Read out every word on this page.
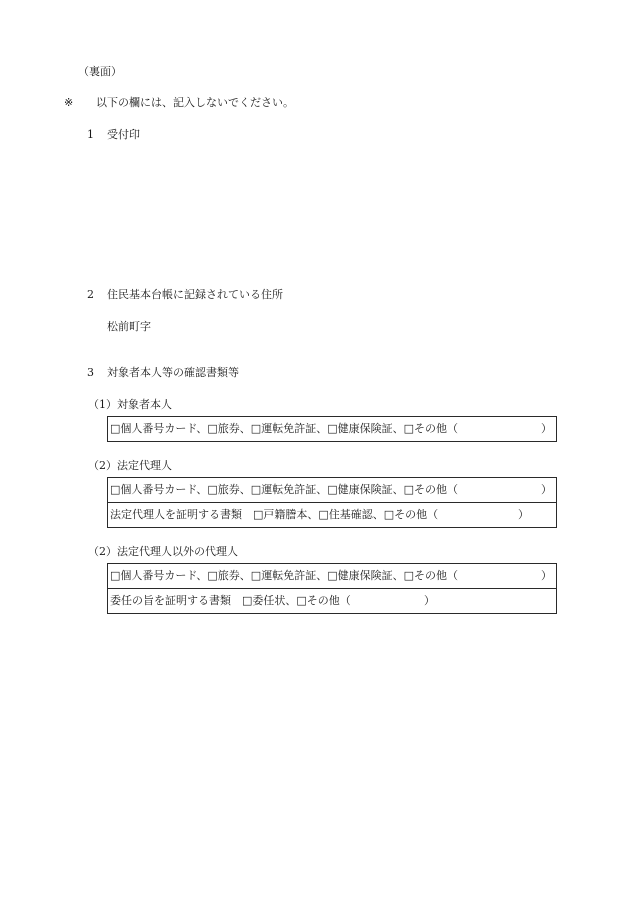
（裏面）
※ 以下の欄には、記入しないでください。
1 受付印
2 住民基本台帳に記録されている住所
松前町字
3 対象者本人等の確認書類等
（1）対象者本人
□個人番号カード、□旅券、□運転免許証、□健康保険証、□その他（	）
（2）法定代理人
□個人番号カード、□旅券、□運転免許証、□健康保険証、□その他（	）
法定代理人を証明する書類　□戸籍謄本、□住基確認、□その他（	）
（2）法定代理人以外の代理人
□個人番号カード、□旅券、□運転免許証、□健康保険証、□その他（	）
委任の旨を証明する書類　□委任状、□その他（	）
